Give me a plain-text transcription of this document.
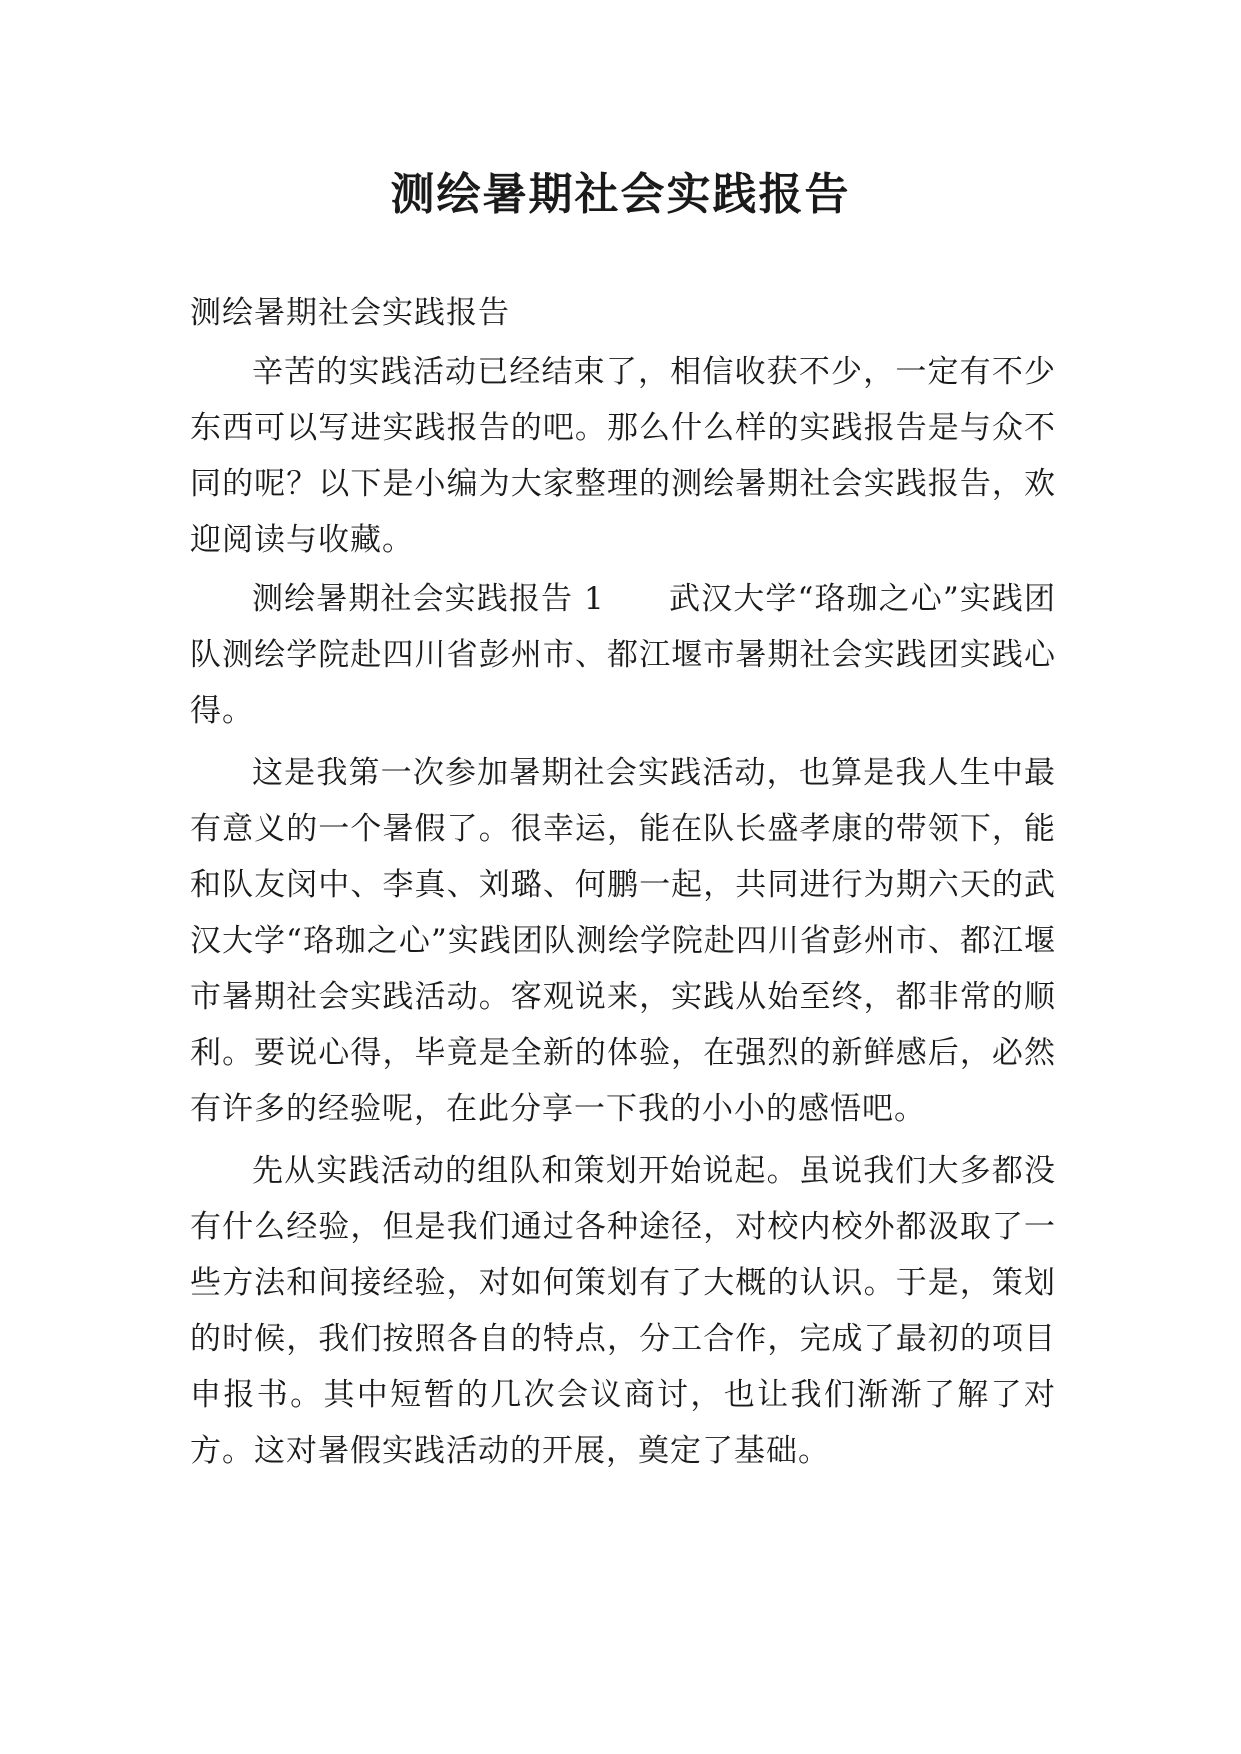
测绘暑期社会实践报告

测绘暑期社会实践报告

辛苦的实践活动已经结束了，相信收获不少，一定有不少东西可以写进实践报告的吧。那么什么样的实践报告是与众不同的呢？以下是小编为大家整理的测绘暑期社会实践报告，欢迎阅读与收藏。

测绘暑期社会实践报告 1　　武汉大学“珞珈之心”实践团队测绘学院赴四川省彭州市、都江堰市暑期社会实践团实践心得。

这是我第一次参加暑期社会实践活动，也算是我人生中最有意义的一个暑假了。很幸运，能在队长盛孝康的带领下，能和队友闵中、李真、刘璐、何鹏一起，共同进行为期六天的武汉大学“珞珈之心”实践团队测绘学院赴四川省彭州市、都江堰市暑期社会实践活动。客观说来，实践从始至终，都非常的顺利。要说心得，毕竟是全新的体验，在强烈的新鲜感后，必然有许多的经验呢，在此分享一下我的小小的感悟吧。

先从实践活动的组队和策划开始说起。虽说我们大多都没有什么经验，但是我们通过各种途径，对校内校外都汲取了一些方法和间接经验，对如何策划有了大概的认识。于是，策划的时候，我们按照各自的特点，分工合作，完成了最初的项目申报书。其中短暂的几次会议商讨，也让我们渐渐了解了对方。这对暑假实践活动的开展，奠定了基础。
